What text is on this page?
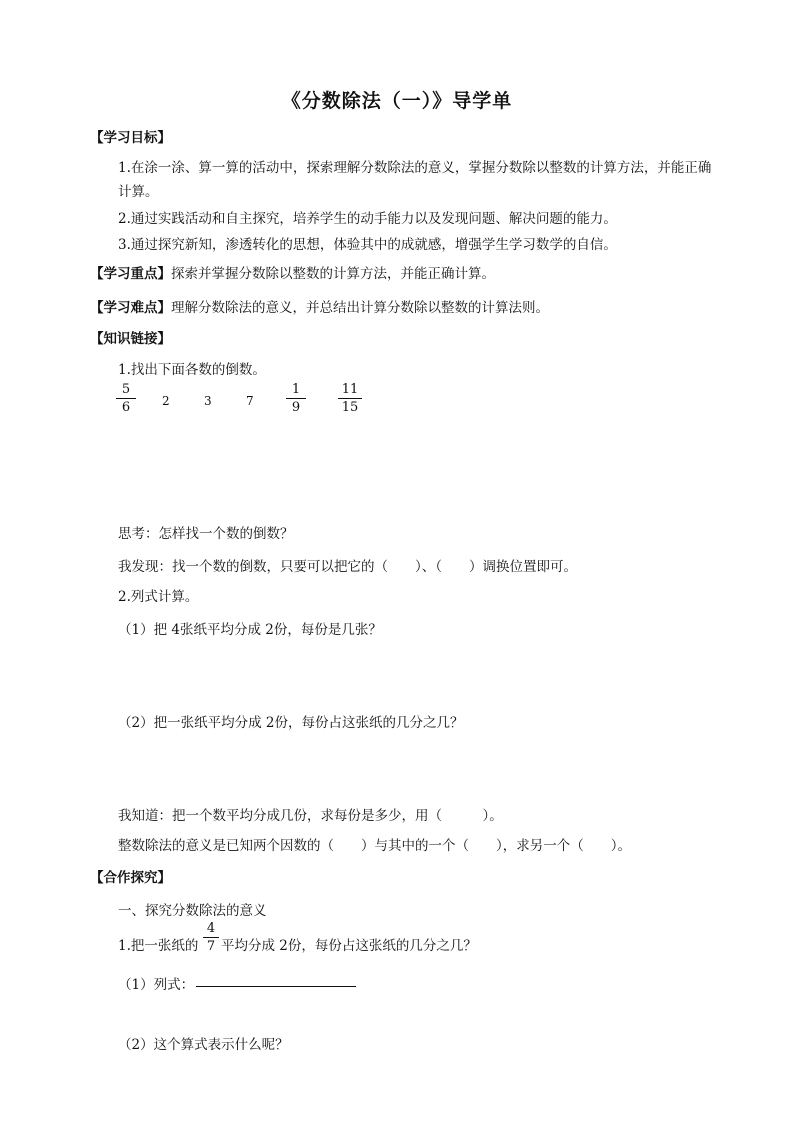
《分数除法（一）》导学单
【学习目标】
1.在涂一涂、算一算的活动中，探索理解分数除法的意义，掌握分数除以整数的计算方法，并能正确
计算。
2.通过实践活动和自主探究，培养学生的动手能力以及发现问题、解决问题的能力。
3.通过探究新知，渗透转化的思想，体验其中的成就感，增强学生学习数学的自信。
【学习重点】探索并掌握分数除以整数的计算方法，并能正确计算。
【学习难点】理解分数除法的意义，并总结出计算分数除以整数的计算法则。
【知识链接】
1.找出下面各数的倒数。
5
6	2	3	7
1
9
11
15
思考：怎样找一个数的倒数？
我发现：找一个数的倒数，只要可以把它的（　　）、（　　）调换位置即可。
2.列式计算。
（1）把 4张纸平均分成 2份，每份是几张？
（2）把一张纸平均分成 2份，每份占这张纸的几分之几？
我知道：把一个数平均分成几份，求每份是多少，用（　　　）。
整数除法的意义是已知两个因数的（　　）与其中的一个（　　），求另一个（　　）。
【合作探究】
一、探究分数除法的意义
1.把一张纸的
4
7 平均分成 2份，每份占这张纸的几分之几？
（1）列式：
（2）这个算式表示什么呢？
